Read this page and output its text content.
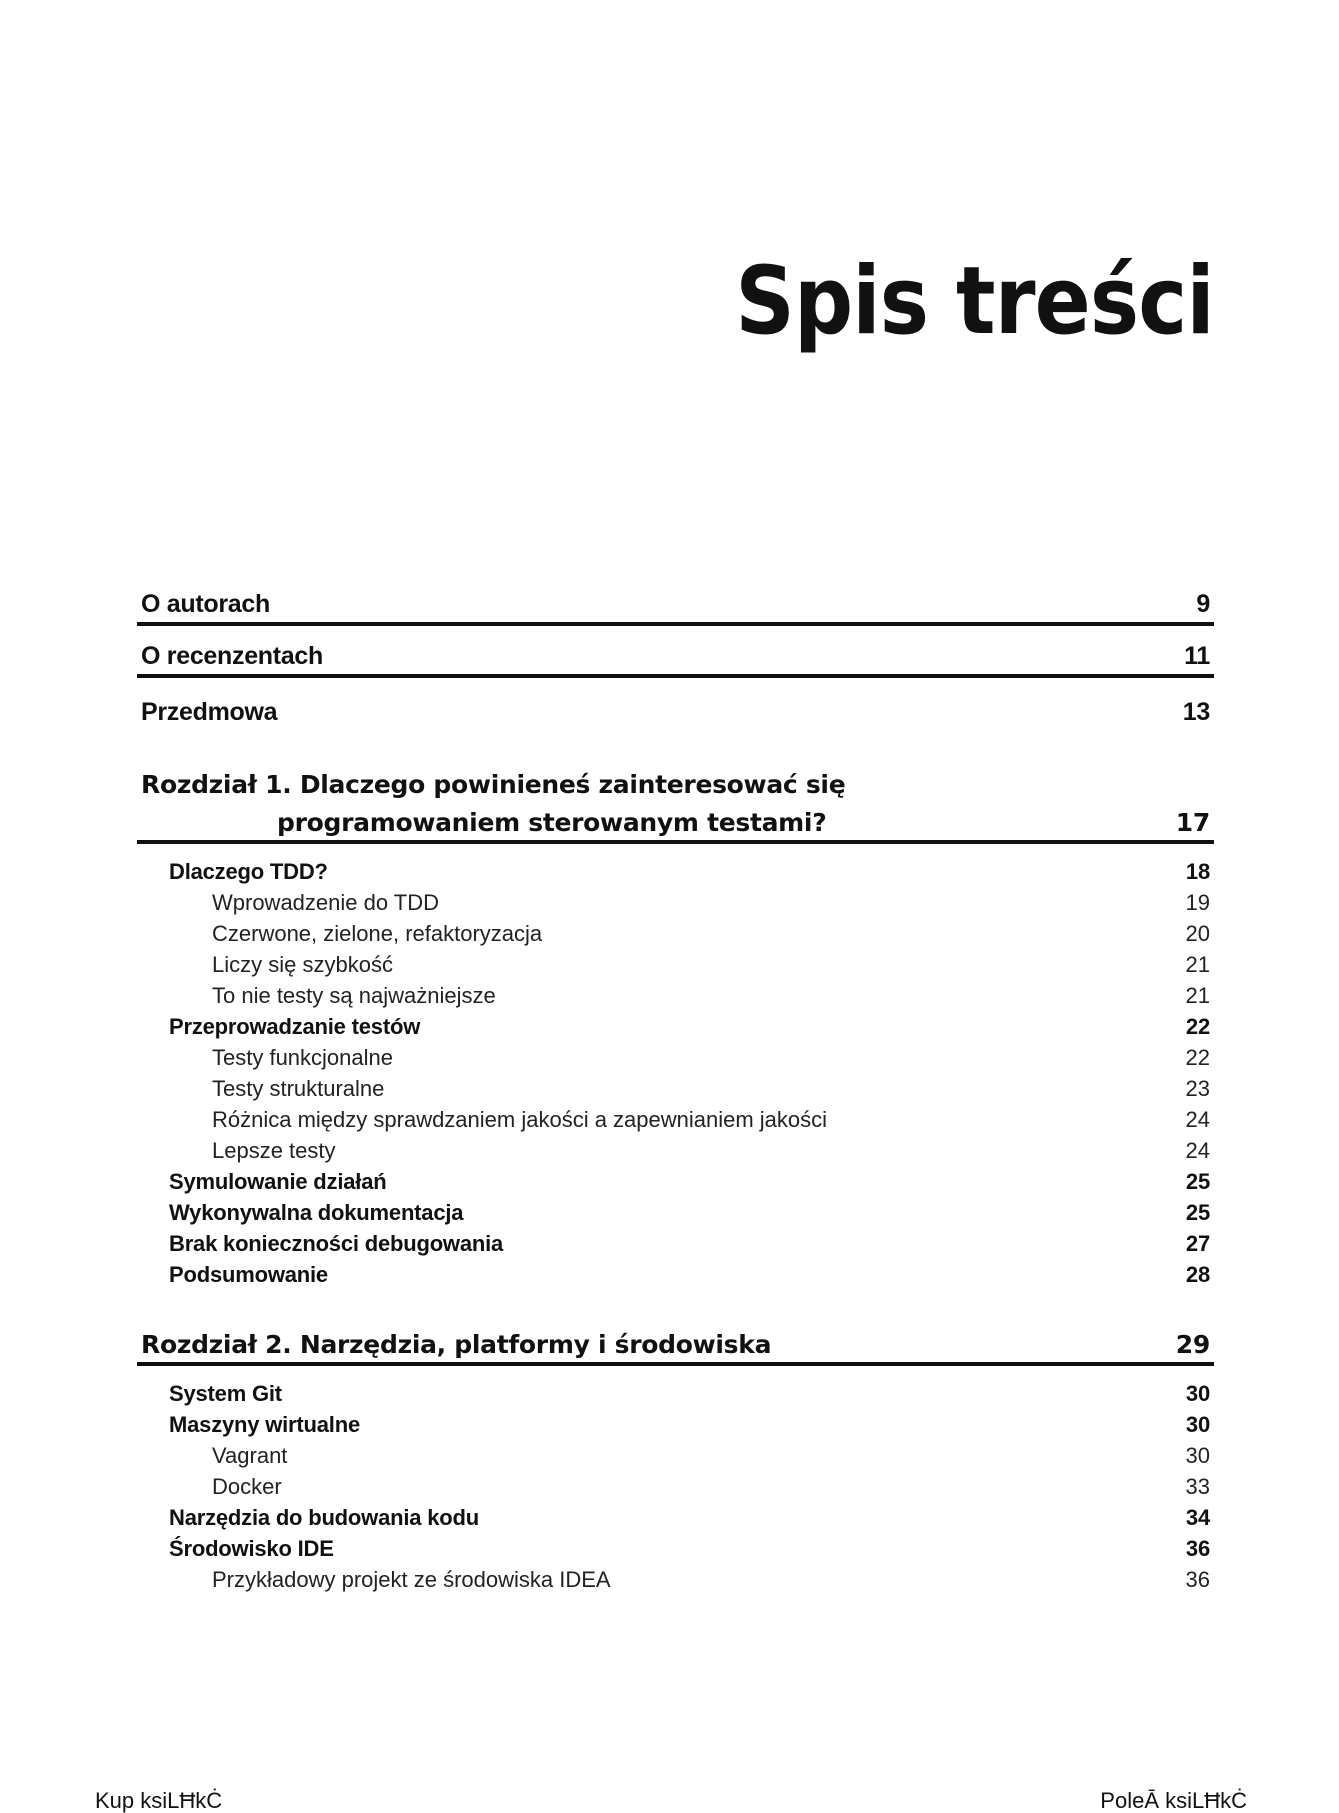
Spis treści
O autorach	9
O recenzentach	11
Przedmowa	13
Rozdział 1. Dlaczego powinieneś zainteresować się
programowaniem sterowanym testami?	17
Dlaczego TDD?	18
Wprowadzenie do TDD	19
Czerwone, zielone, refaktoryzacja	20
Liczy się szybkość	21
To nie testy są najważniejsze	21
Przeprowadzanie testów	22
Testy funkcjonalne	22
Testy strukturalne	23
Różnica między sprawdzaniem jakości a zapewnianiem jakości	24
Lepsze testy	24
Symulowanie działań	25
Wykonywalna dokumentacja	25
Brak konieczności debugowania	27
Podsumowanie	28
Rozdział 2. Narzędzia, platformy i środowiska	29
System Git	30
Maszyny wirtualne	30
Vagrant	30
Docker	33
Narzędzia do budowania kodu	34
Środowisko IDE	36
Przykładowy projekt ze środowiska IDEA	36
Kup ksiLĦkĊ	PoleĀ ksiLĦkĊ
